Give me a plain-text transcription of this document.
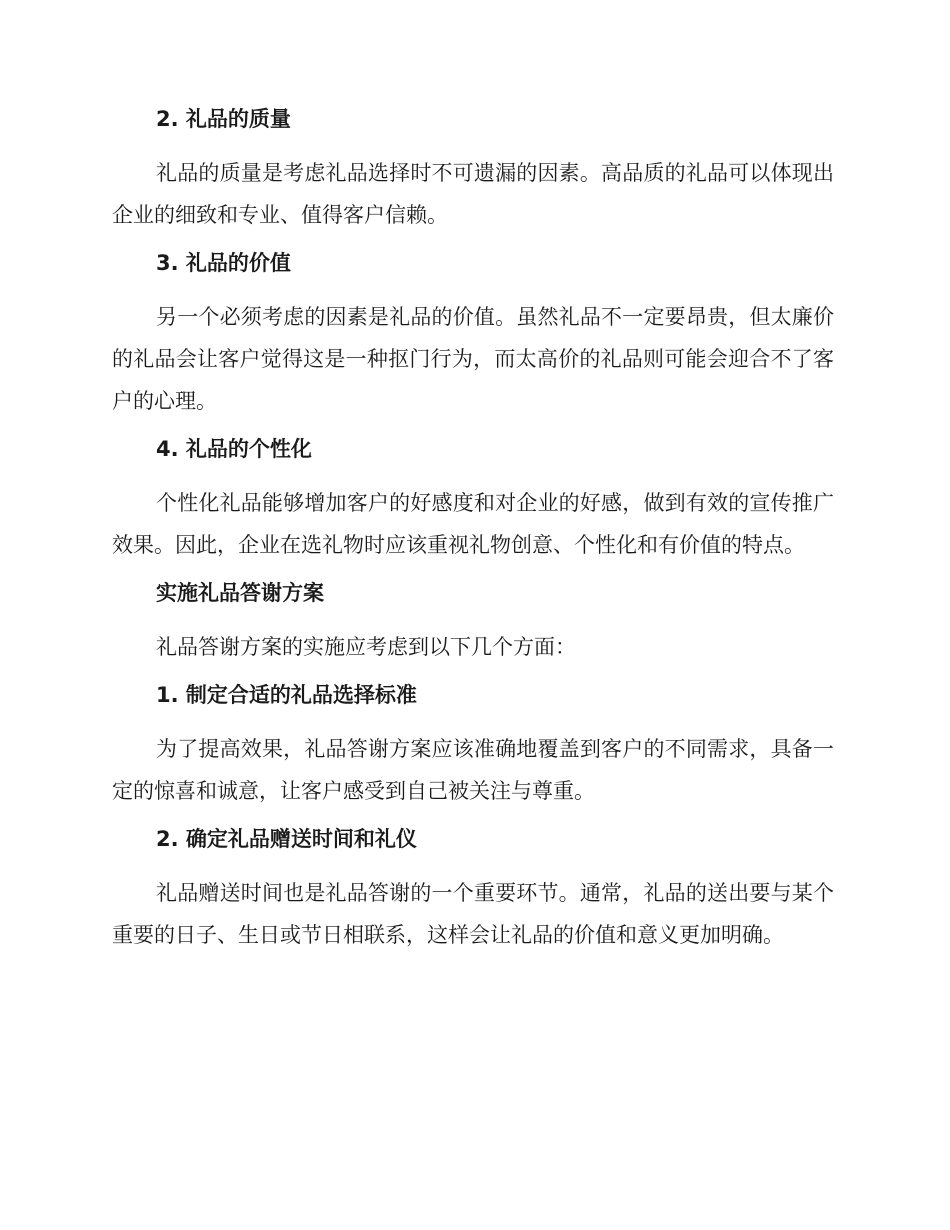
2. 礼品的质量

礼品的质量是考虑礼品选择时不可遗漏的因素。高品质的礼品可以体现出企业的细致和专业、值得客户信赖。

3. 礼品的价值

另一个必须考虑的因素是礼品的价值。虽然礼品不一定要昂贵，但太廉价的礼品会让客户觉得这是一种抠门行为，而太高价的礼品则可能会迎合不了客户的心理。

4. 礼品的个性化

个性化礼品能够增加客户的好感度和对企业的好感，做到有效的宣传推广效果。因此，企业在选礼物时应该重视礼物创意、个性化和有价值的特点。

实施礼品答谢方案

礼品答谢方案的实施应考虑到以下几个方面：

1. 制定合适的礼品选择标准

为了提高效果，礼品答谢方案应该准确地覆盖到客户的不同需求，具备一定的惊喜和诚意，让客户感受到自己被关注与尊重。

2. 确定礼品赠送时间和礼仪

礼品赠送时间也是礼品答谢的一个重要环节。通常，礼品的送出要与某个重要的日子、生日或节日相联系，这样会让礼品的价值和意义更加明确。
